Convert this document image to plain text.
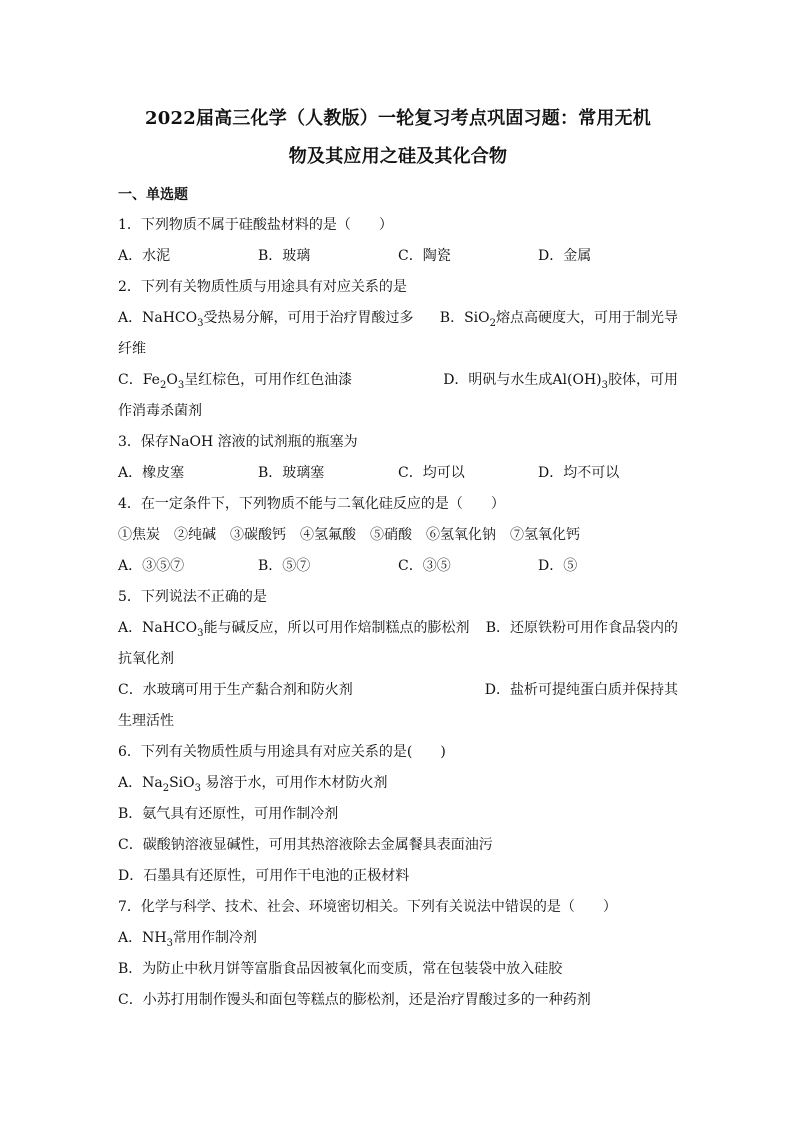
2022届高三化学（人教版）一轮复习考点巩固习题：常用无机

物及其应用之硅及其化合物

一、单选题
1．下列物质不属于硅酸盐材料的是（　　）
A．水泥	B．玻璃	C．陶瓷	D．金属
2．下列有关物质性质与用途具有对应关系的是
A．NaHCO$_3$受热易分解，可用于治疗胃酸过多 B．SiO$_2$熔点高硬度大，可用于制光导
纤维
C．$Fe_2O_3$呈红棕色，可用作红色油漆	D．明矾与水生成$Al(OH)_3$胶体，可用
作消毒杀菌剂
3．保存NaOH 溶液的试剂瓶的瓶塞为
A．橡皮塞	B．玻璃塞	C．均可以	D．均不可以
4．在一定条件下，下列物质不能与二氧化硅反应的是（　　）
①焦炭　②纯碱　③碳酸钙　④氢氟酸　⑤硝酸　⑥氢氧化钠　⑦氢氧化钙
A．③⑤⑦	B．⑤⑦	C．③⑤	D．⑤
5．下列说法不正确的是
A．NaHCO$_3$能与碱反应，所以可用作焙制糕点的膨松剂 B．还原铁粉可用作食品袋内的
抗氧化剂
C．水玻璃可用于生产黏合剂和防火剂	D．盐析可提纯蛋白质并保持其
生理活性
6．下列有关物质性质与用途具有对应关系的是(　　)
A．$Na_2SiO_3$ 易溶于水，可用作木材防火剂
B．氨气具有还原性，可用作制冷剂
C．碳酸钠溶液显碱性，可用其热溶液除去金属餐具表面油污
D．石墨具有还原性，可用作干电池的正极材料
7．化学与科学、技术、社会、环境密切相关。下列有关说法中错误的是（　　）
A．$NH_3$常用作制冷剂
B．为防止中秋月饼等富脂食品因被氧化而变质，常在包装袋中放入硅胶
C．小苏打用制作馒头和面包等糕点的膨松剂，还是治疗胃酸过多的一种药剂
